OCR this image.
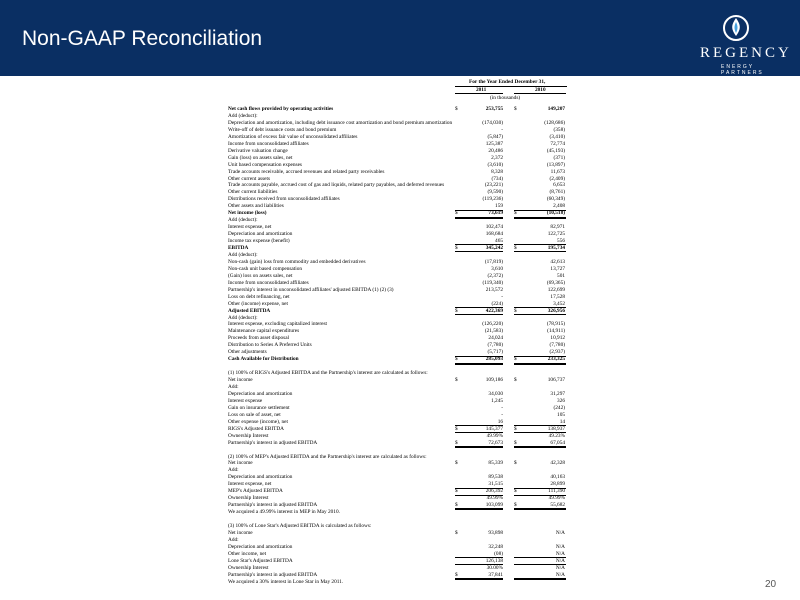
Non-GAAP Reconciliation
REGENCY
ENERGY PARTNERS
For the Year Ended December 31,
2011	2010
(in thousands)
Net cash flows provided by operating activities	$	253,755 $	149,207
Add (deduct):
Depreciation and amortization, including debt issuance cost amortization and bond premium amortization	(174,030)	(128,686)
Write-off of debt issuance costs and bond premium	-	(358)
Amortization of excess fair value of unconsolidated affiliates	(5,847)	(3,410)
Income from unconsolidated affiliates	125,387	72,774
Derivative valuation change	20,486	(45,193)
Gain (loss) on assets sales, net	2,372	(371)
Unit based compensation expenses	(3,610)	(13,897)
Trade accounts receivable, accrued revenues and related party receivables	8,328	11,673
Other current assets	(734)	(2,409)
Trade accounts payable, accrued cost of gas and liquids, related party payables, and deferred revenues	(23,221)	6,653
Other current liabilities	(9,590)	(8,761)
Distributions received from unconsolidated affiliates	(119,236)	(60,349)
Other assets and liabilities	159	2,408
Net income (loss)	$	73,619 $	(10,518)
Add (deduct):
Interest expense, net	102,474	82,971
Depreciation and amortization	168,684	122,725
Income tax expense (benefit)	465	556
EBITDA	$	345,242 $	195,734
Add (deduct):
Non-cash (gain) loss from commodity and embedded derivatives	(17,819)	42,613
Non-cash unit based compensation	3,610	13,727
(Gain) loss on assets sales, net	(2,372)	501
Income from unconsolidated affiliates	(119,340)	(69,365)
Partnership's interest in unconsolidated affiliates' adjusted EBITDA (1) (2) (3)	213,572	122,699
Loss on debt refinancing, net	-	17,528
Other (income) expense, net	(224)	3,452
Adjusted EBITDA	$	422,369 $	326,956
Add (deduct):
Interest expense, excluding capitalized interest	(126,220)	(78,915)
Maintenance capital expenditures	(21,583)	(14,911)
Proceeds from asset disposal	24,024	10,912
Distribution to Series A Preferred Units	(7,780)	(7,780)
Other adjustments	(5,717)	(2,937)
Cash Available for Distribution	$	285,093 $	233,325
(1) 100% of RIGS's Adjusted EBITDA and the Partnership's interest are calculated as follows:
Net income	$	109,186 $	106,737
Add:
Depreciation and amortization	34,030	31,297
Interest expense	1,245	326
Gain on insurance settlement	-	(242)
Loss on sale of asset, net	-	105
Other expense (income), net	16	14
RIGS's Adjusted EBITDA	$	145,377 $	138,937
Ownership Interest	49.99%	49.23%
Partnership's interest in adjusted EBITDA	$	72,673 $	67,054
(2) 100% of MEP's Adjusted EBITDA and the Partnership's interest are calculated as follows:
Net income	$	85,339 $	42,328
Add:
Depreciation and amortization	89,538	40,163
Interest expense, net	31,515	28,899
MEP's Adjusted EBITDA	$	206,392 $	111,390
Ownership Interest	49.99%	49.99%
Partnership's interest in adjusted EBITDA	$	103,099 $	55,682
We acquired a 49.99% interest in MEP in May 2010.
(3) 100% of Lone Star's Adjusted EBITDA is calculated as follows:
Net income	$	93,898	N/A
Add:
Depreciation and amortization	32,248	N/A
Other income, net	(08)	N/A
Lone Star's Adjusted EBITDA	126,138	N/A
Ownership Interest	30.00%	N/A
Partnership's interest in adjusted EBITDA	$	37,841	N/A
We acquired a 30% interest in Lone Star in May 2011.	20
